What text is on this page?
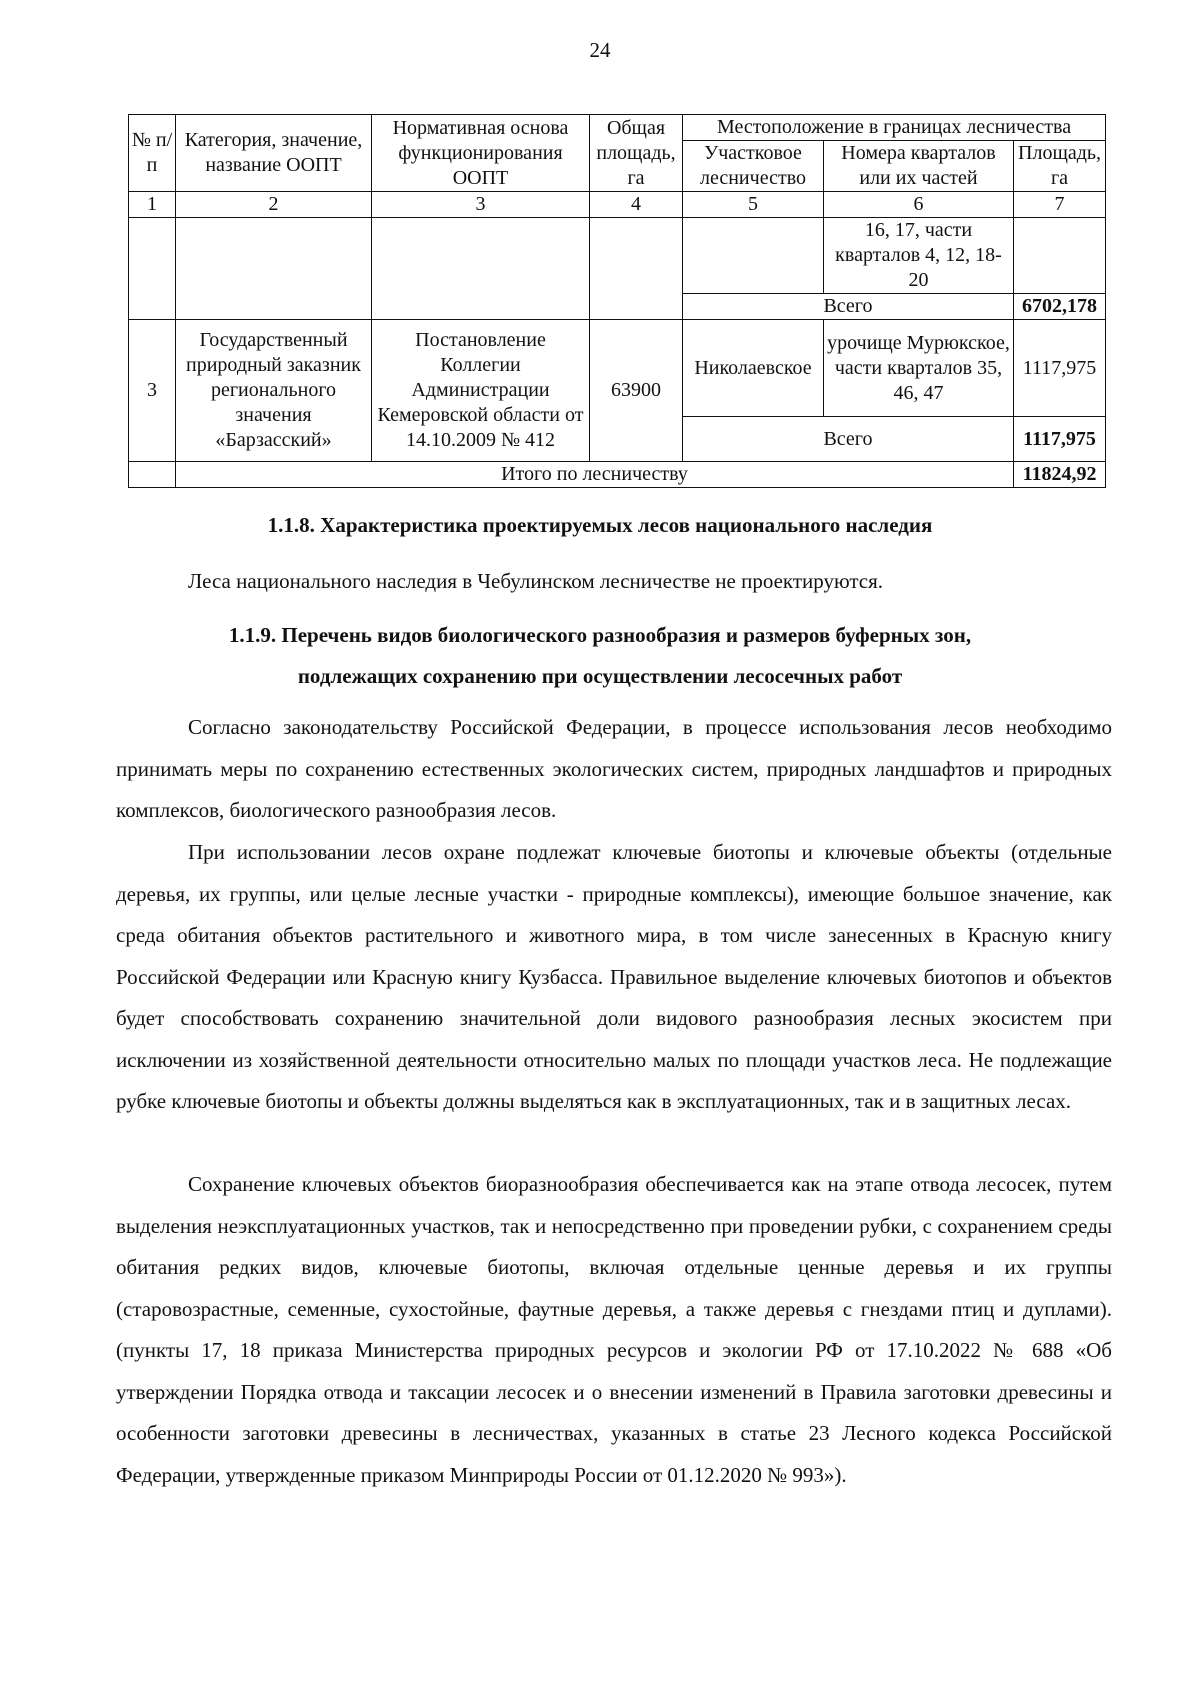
24
№ п/п	Категория, значение, название ООПТ	Нормативная основа функционирования ООПТ	Общая площадь, га	Местоположение в границах лесничества		
				Участковое лесничество	Номера кварталов или их частей	Площадь, га

1	2	3	4	5	6	7
					16, 17, части кварталов 4, 12, 18-20	
				Всего		6702,178
3	Государственный природный заказник регионального значения «Барзасский»	Постановление Коллегии Администрации Кемеровской области от 14.10.2009 № 412	63900	Николаевское	урочище Мурюкское, части кварталов 35, 46, 47	1117,975
				Всего		1117,975
	Итого по лесничеству					11824,92
1.1.8. Характеристика проектируемых лесов национального наследия

Леса национального наследия в Чебулинском лесничестве не проектируются.

1.1.9. Перечень видов биологического разнообразия и размеров буферных зон,
подлежащих сохранению при осуществлении лесосечных работ

Согласно законодательству Российской Федерации, в процессе использования лесов необходимо принимать меры по сохранению естественных экологических систем, природных ландшафтов и природных комплексов, биологического разнообразия лесов.

При использовании лесов охране подлежат ключевые биотопы и ключевые объекты (отдельные деревья, их группы, или целые лесные участки - природные комплексы), имеющие большое значение, как среда обитания объектов растительного и животного мира, в том числе занесенных в Красную книгу Российской Федерации или Красную книгу Кузбасса. Правильное выделение ключевых биотопов и объектов будет способствовать сохранению значительной доли видового разнообразия лесных экосистем при исключении из хозяйственной деятельности относительно малых по площади участков леса. Не подлежащие рубке ключевые биотопы и объекты должны выделяться как в эксплуатационных, так и в защитных лесах.

Сохранение ключевых объектов биоразнообразия обеспечивается как на этапе отвода лесосек, путем выделения неэксплуатационных участков, так и непосредственно при проведении рубки, с сохранением среды обитания редких видов, ключевые биотопы, включая отдельные ценные деревья и их группы (старовозрастные, семенные, сухостойные, фаутные деревья, а также деревья с гнездами птиц и дуплами).(пункты 17, 18 приказа Министерства природных ресурсов и экологии РФ от 17.10.2022 № 688 «Об утверждении Порядка отвода и таксации лесосек и о внесении изменений в Правила заготовки древесины и особенности заготовки древесины в лесничествах, указанных в статье 23 Лесного кодекса Российской Федерации, утвержденные приказом Минприроды России от 01.12.2020 № 993»).
